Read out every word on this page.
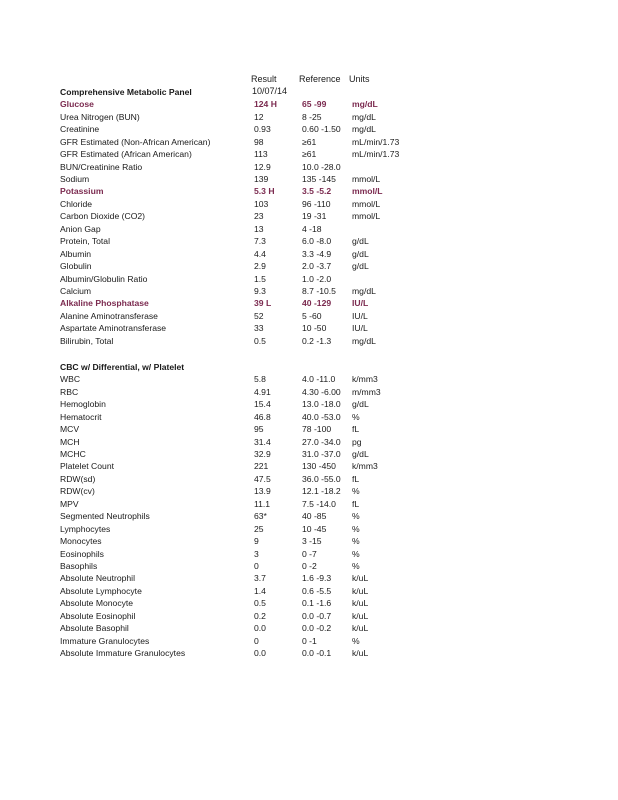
Result Reference Units
10/07/14
Comprehensive Metabolic Panel
Glucose	124 H	65 -99	mg/dL
Urea Nitrogen (BUN)	12	8 -25	mg/dL
Creatinine	0.93	0.60 -1.50 mg/dL
GFR Estimated (Non-African American)	98	≥61	mL/min/1.73
GFR Estimated (African American)	113	≥61	mL/min/1.73
BUN/Creatinine Ratio	12.9	10.0 -28.0
Sodium	139	135 -145 mmol/L
Potassium	5.3 H	3.5 -5.2 mmol/L
Chloride	103	96 -110 mmol/L
Carbon Dioxide (CO2)	23	19 -31	mmol/L
Anion Gap	13	4 -18
Protein, Total	7.3	6.0 -8.0 g/dL
Albumin	4.4	3.3 -4.9 g/dL
Globulin	2.9	2.0 -3.7 g/dL
Albumin/Globulin Ratio	1.5	1.0 -2.0
Calcium	9.3	8.7 -10.5 mg/dL
Alkaline Phosphatase	39 L	40 -129 IU/L
Alanine Aminotransferase	52	5 -60	IU/L
Aspartate Aminotransferase	33	10 -50	IU/L
Bilirubin, Total	0.5	0.2 -1.3 mg/dL
CBC w/ Differential, w/ Platelet
WBC	5.8	4.0 -11.0 k/mm3
RBC	4.91	4.30 -6.00 m/mm3
Hemoglobin	15.4	13.0 -18.0 g/dL
Hematocrit	46.8	40.0 -53.0 %
MCV	95	78 -100 fL
MCH	31.4	27.0 -34.0 pg
MCHC	32.9	31.0 -37.0 g/dL
Platelet Count	221	130 -450 k/mm3
RDW(sd)	47.5	36.0 -55.0 fL
RDW(cv)	13.9	12.1 -18.2 %
MPV	11.1	7.5 -14.0 fL
Segmented Neutrophils	63*	40 -85	%
Lymphocytes	25	10 -45	%
Monocytes	9	3 -15	%
Eosinophils	3	0 -7	%
Basophils	0	0 -2	%
Absolute Neutrophil	3.7	1.6 -9.3 k/uL
Absolute Lymphocyte	1.4	0.6 -5.5 k/uL
Absolute Monocyte	0.5	0.1 -1.6 k/uL
Absolute Eosinophil	0.2	0.0 -0.7 k/uL
Absolute Basophil	0.0	0.0 -0.2 k/uL
Immature Granulocytes	0	0 -1	%
Absolute Immature Granulocytes	0.0	0.0 -0.1 k/uL
